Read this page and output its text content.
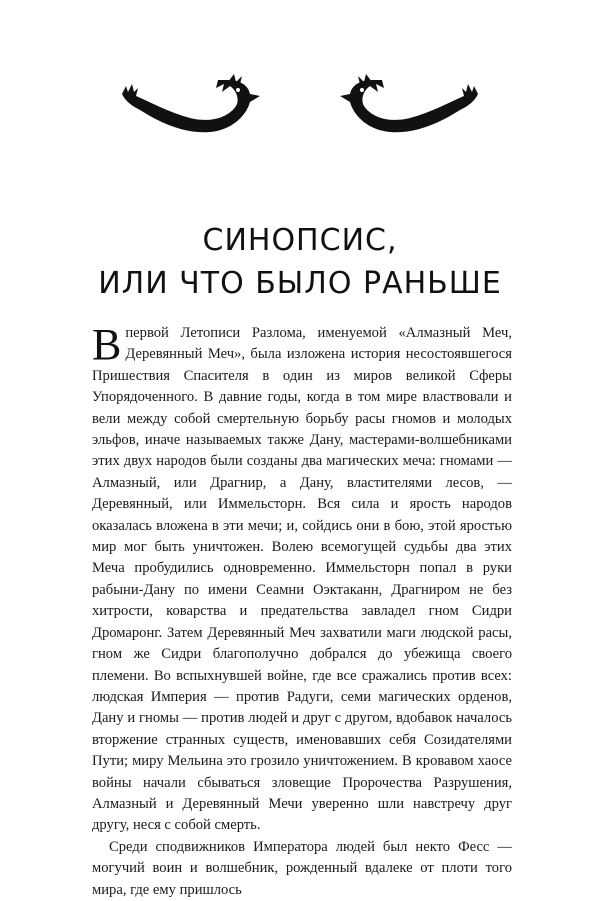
СИНОПСИС,
ИЛИ ЧТО БЫЛО РАНЬШЕ

В первой Летописи Разлома, именуемой «Алмазный Меч, Деревянный Меч», была изложена история несостоявшегося Пришествия Спасителя в один из миров великой Сферы Упорядоченного. В давние годы, когда в том мире властвовали и вели между собой смертельную борьбу расы гномов и молодых эльфов, иначе называемых также Дану, мастерами-волшебниками этих двух народов были созданы два магических меча: гномами — Алмазный, или Драгнир, а Дану, властителями лесов, — Деревянный, или Иммельсторн. Вся сила и ярость народов оказалась вложена в эти мечи; и, сойдись они в бою, этой яростью мир мог быть уничтожен. Волею всемогущей судьбы два этих Меча пробудились одновременно. Иммельсторн попал в руки рабыни-Дану по имени Сеамни Оэктаканн, Драгниром не без хитрости, коварства и предательства завладел гном Сидри Дромаронг. Затем Деревянный Меч захватили маги людской расы, гном же Сидри благополучно добрался до убежища своего племени. Во вспыхнувшей войне, где все сражались против всех: людская Империя — против Радуги, семи магических орденов, Дану и гномы — против людей и друг с другом, вдобавок началось вторжение странных существ, именовавших себя Созидателями Пути; миру Мельина это грозило уничтожением. В кровавом хаосе войны начали сбываться зловещие Пророчества Разрушения, Алмазный и Деревянный Мечи уверенно шли навстречу друг другу, неся с собой смерть.

Среди сподвижников Императора людей был некто Фесс — могучий воин и волшебник, рожденный вдалеке от плоти того мира, где ему пришлось
